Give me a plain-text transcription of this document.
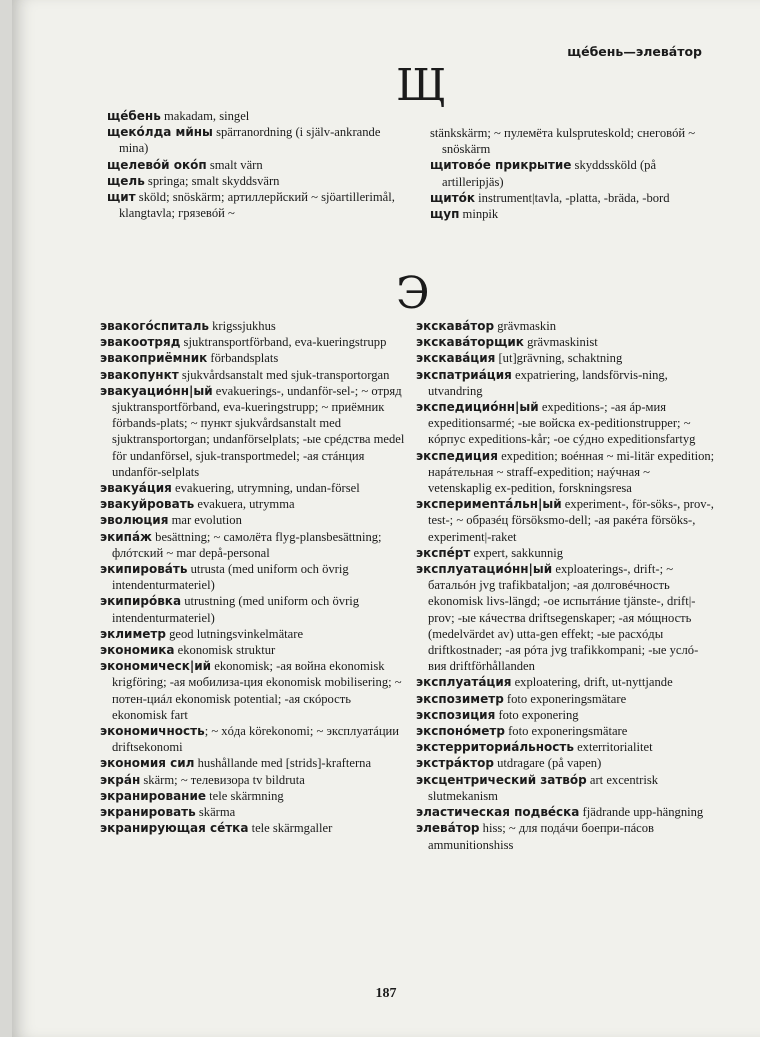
щéбень—элевáтор
Щ

щéбень makadam, singel

щекóлда мйны spärranordning (i själv-ankrande mina)

щелевóй окóп smalt värn

щель springa; smalt skyddsvärn

щит sköld; snöskärm; артиллерйский ~ sjöartillerimål, klangtavla; грязевóй ~

stänkskärm; ~ пулемёта kulspruteskold; снеговóй ~ snöskärm

щитовóе прикрытие skyddssköld (på artilleripjäs)

щитóк instrument|tavla, -platta, -bräda, -bord

щуп minpik

Э

эвакогóспиталь krigssjukhus

эвакоотряд sjuktransportförband, eva-kueringstrupp

эвакоприёмник förbandsplats

эвакопункт sjukvårdsanstalt med sjuk-transportorgan

эвакуациóнн|ый evakuerings-, undanför-sel-; ~ отряд sjuktransportförband, eva-kueringstrupp; ~ приёмник förbands-plats; ~ пункт sjukvårdsanstalt med sjuktransportorgan; undanförselplats; -ые срéдства medel för undanförsel, sjuk-transportmedel; -ая стáнция undanför-selplats

эвакуáция evakuering, utrymning, undan-försel

эвакуйровать evakuera, utrymma

эволюция mar evolution

экипáж besättning; ~ самолёта flyg-plansbesättning; флóтский ~ mar depå-personal

экипировáть utrusta (med uniform och övrig intendenturmateriel)

экипирóвка utrustning (med uniform och övrig intendenturmateriel)

эклиметр geod lutningsvinkelmätare

экономика ekonomisk struktur

экономическ|ий ekonomisk; -ая война ekonomisk krigföring; -ая мобилиза-ция ekonomisk mobilisering; ~ потен-циáл ekonomisk potential; -ая скóрость ekonomisk fart

экономичность; ~ хóда körekonomi; ~ эксплуатáции driftsekonomi

экономия сил hushållande med [strids]-krafterna

экрáн skärm; ~ телевизора tv bildruta

экранирование tele skärmning

экранировать skärma

экранирующая сéтка tele skärmgaller

экскавáтор grävmaskin

экскавáторщик grävmaskinist

экскавáция [ut]grävning, schaktning

экспатриáция expatriering, landsförvis-ning, utvandring

экспедициóнн|ый expeditions-; -ая áр-мия expeditionsarmé; -ые войска ex-peditionstrupper; ~ кóрпус expeditions-kår; -ое сýдно expeditionsfartyg

экспедиция expedition; воéнная ~ mi-litär expedition; нарáтельная ~ straff-expedition; наýчная ~ vetenskaplig ex-pedition, forskningsresa

эксперимеnтáльн|ый experiment-, för-söks-, prov-, test-; ~ образéц försöksmo-dell; -ая ракéта försöks-, experiment|-raket

экспéрт expert, sakkunnig

эксплуатациóнн|ый exploaterings-, drift-; ~ батальóн jvg trafikbataljon; -ая долговéчность ekonomisk livs-längd; -ое испытáние tjänste-, drift|-prov; -ые кáчества driftsegenskaper; -ая мóщность (medelvärdet av) utta-gen effekt; -ые расхóды driftkostnader; -ая рóта jvg trafikkompani; -ые услó-вия driftförhållanden

эксплуатáция exploatering, drift, ut-nyttjande

экспозиметр foto exponeringsmätare

экспозиция foto exponering

экспонóметр foto exponeringsmätare

экстерриториáльность exterritorialitet

экстрáктор utdragare (på vapen)

эксцентрический затвóр art excentrisk slutmekanism

эластическая подвéска fjädrande upp-hängning

элевáтор hiss; ~ для подáчи боепри-пáсов ammunitionshiss

187
